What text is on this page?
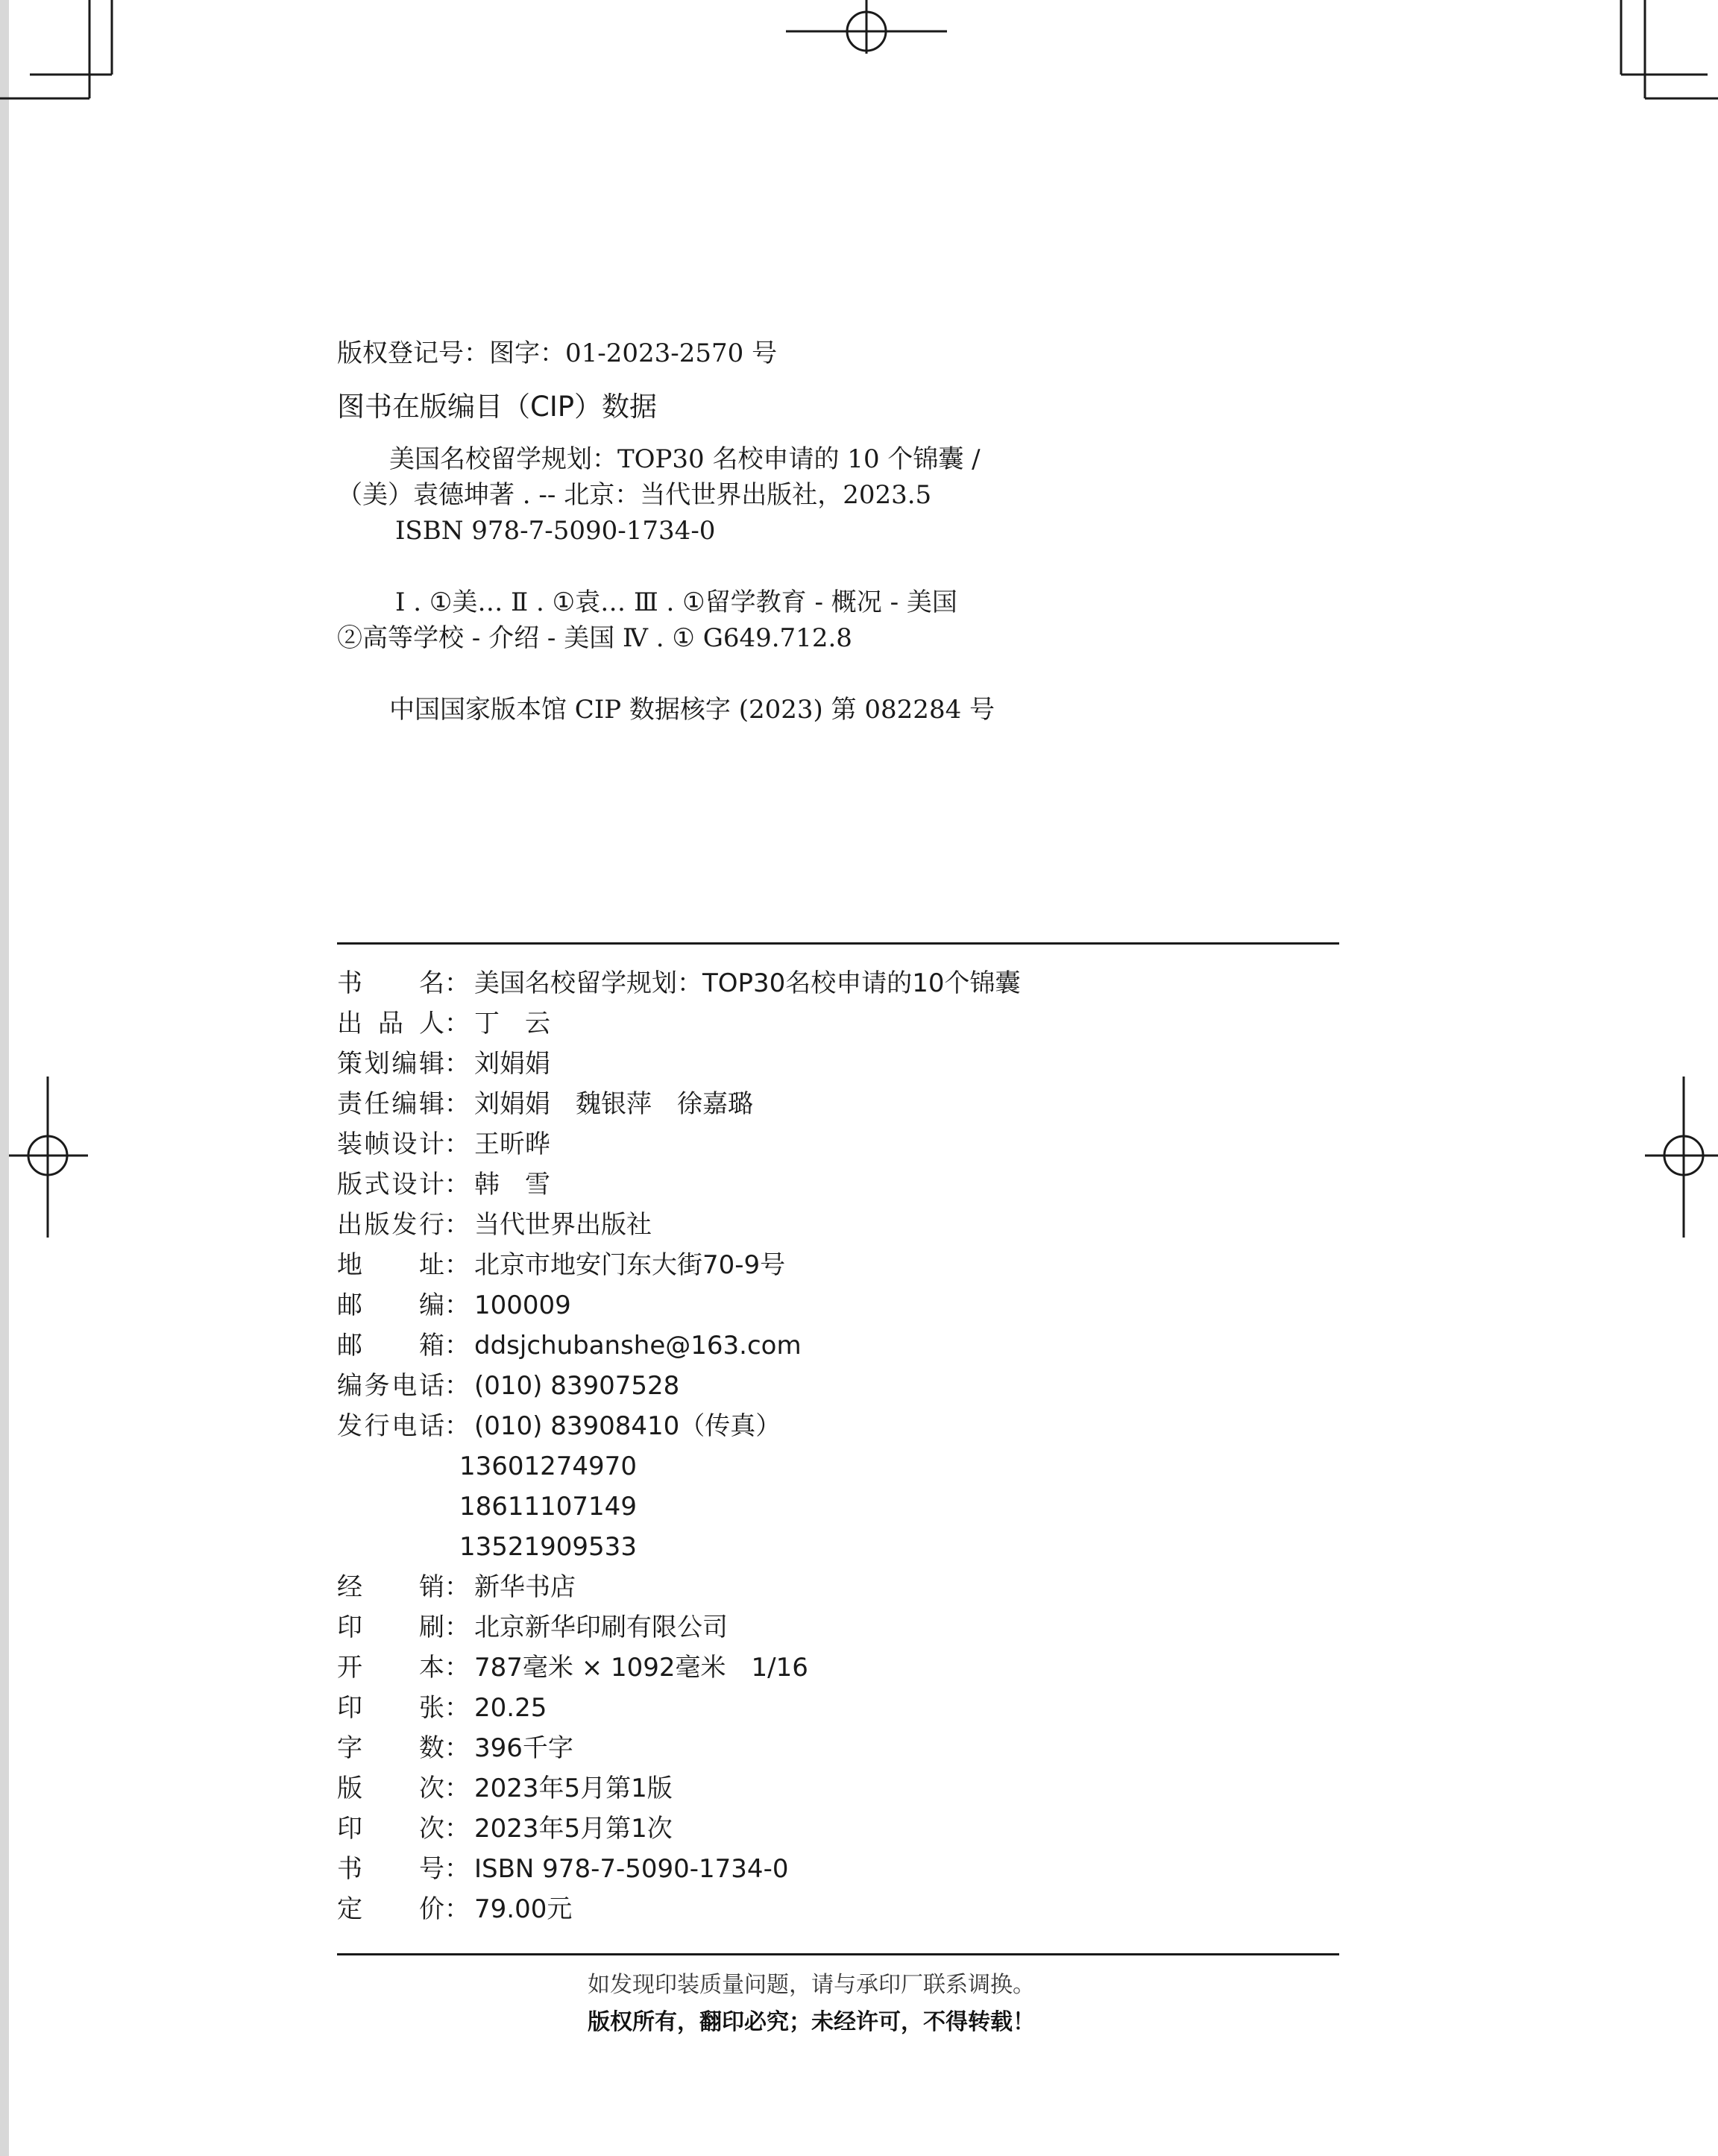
版权登记号：图字：01-2023-2570 号
图书在版编目（CIP）数据
美国名校留学规划：TOP30 名校申请的 10 个锦囊 /
（美）袁德坤著 . -- 北京：当代世界出版社，2023.5
ISBN 978-7-5090-1734-0
Ⅰ . ①美… Ⅱ . ①袁… Ⅲ . ①留学教育 - 概况 - 美国
②高等学校 - 介绍 - 美国 Ⅳ . ① G649.712.8
中国国家版本馆 CIP 数据核字 (2023) 第 082284 号
书 名 ： 美国名校留学规划：TOP30名校申请的10个锦囊
出 品 人 ： 丁　云
策 划 编 辑 ： 刘娟娟
责 任 编 辑 ： 刘娟娟　魏银萍　徐嘉璐
装 帧 设 计 ： 王昕晔
版 式 设 计 ： 韩　雪
出 版 发 行 ： 当代世界出版社
地 址 ： 北京市地安门东大街70-9号
邮 编 ： 100009
邮 箱 ： ddsjchubanshe@163.com
编 务 电 话 ： (010) 83907528
发 行 电 话 ： (010) 83908410（传真）
13601274970
18611107149
13521909533
经 销 ： 新华书店
印 刷 ： 北京新华印刷有限公司
开 本 ： 787毫米 × 1092毫米　1/16
印 张 ： 20.25
字 数 ： 396千字
版 次 ： 2023年5月第1版
印 次 ： 2023年5月第1次
书 号 ： ISBN 978-7-5090-1734-0
定 价 ： 79.00元
如发现印装质量问题，请与承印厂联系调换。
版权所有，翻印必究；未经许可，不得转载！
